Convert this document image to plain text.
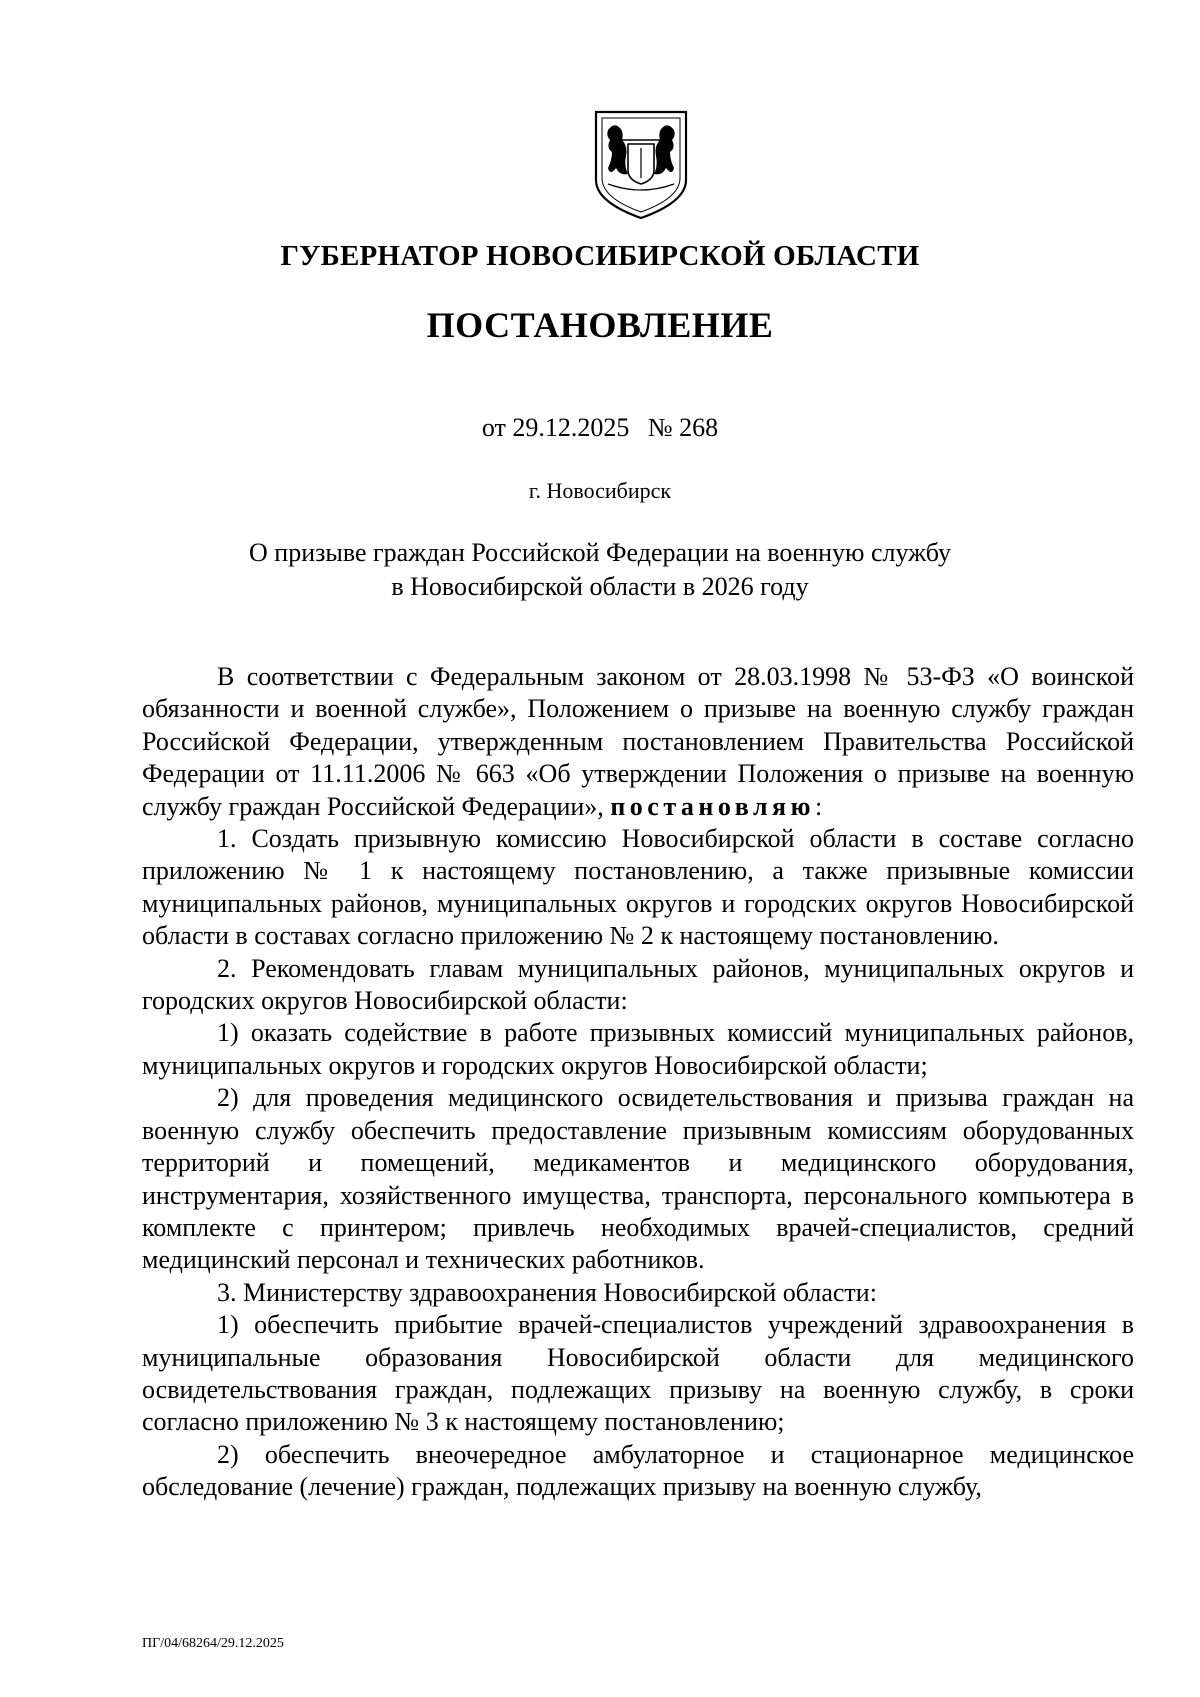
ГУБЕРНАТОР НОВОСИБИРСКОЙ ОБЛАСТИ
ПОСТАНОВЛЕНИЕ
от 29.12.2025 № 268
г. Новосибирск
О призыве граждан Российской Федерации на военную службу
в Новосибирской области в 2026 году

В соответствии с Федеральным законом от 28.03.1998 № 53-ФЗ «О воинской обязанности и военной службе», Положением о призыве на военную службу граждан Российской Федерации, утвержденным постановлением Правительства Российской Федерации от 11.11.2006 № 663 «Об утверждении Положения о призыве на военную службу граждан Российской Федерации», постановляю:

1. Создать призывную комиссию Новосибирской области в составе согласно приложению № 1 к настоящему постановлению, а также призывные комиссии муниципальных районов, муниципальных округов и городских округов Новосибирской области в составах согласно приложению № 2 к настоящему постановлению.

2. Рекомендовать главам муниципальных районов, муниципальных округов и городских округов Новосибирской области:

1) оказать содействие в работе призывных комиссий муниципальных районов, муниципальных округов и городских округов Новосибирской области;

2) для проведения медицинского освидетельствования и призыва граждан на военную службу обеспечить предоставление призывным комиссиям оборудованных территорий и помещений, медикаментов и медицинского оборудования, инструментария, хозяйственного имущества, транспорта, персонального компьютера в комплекте с принтером; привлечь необходимых врачей-специалистов, средний медицинский персонал и технических работников.

3. Министерству здравоохранения Новосибирской области:

1) обеспечить прибытие врачей-специалистов учреждений здравоохранения в муниципальные образования Новосибирской области для медицинского освидетельствования граждан, подлежащих призыву на военную службу, в сроки согласно приложению № 3 к настоящему постановлению;

2) обеспечить внеочередное амбулаторное и стационарное медицинское обследование (лечение) граждан, подлежащих призыву на военную службу,

ПГ/04/68264/29.12.2025
